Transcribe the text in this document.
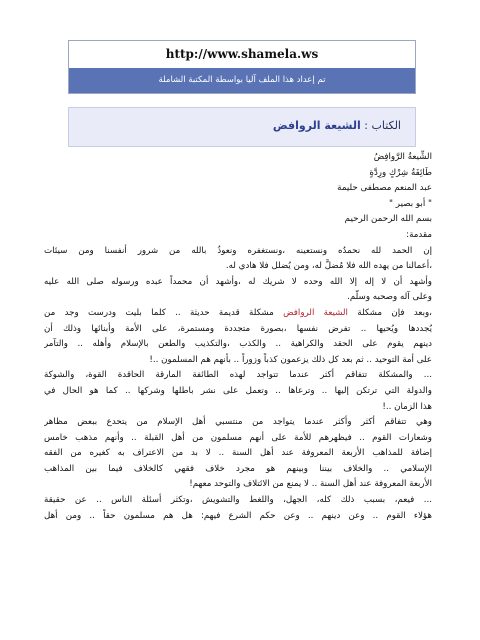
http://www.shamela.ws
تم إعداد هذا الملف آليا بواسطة المكتبة الشاملة
الكتاب : الشيعة الروافض
الشِّيعةُ الرَّوافِضُ
طَائِفَةُ شِرْكٍ ورِدَّةٍ
عبد المنعم مصطفى حليمة
" أبو بصير "
بسم الله الرحمن الرحيم
مقدمة:
إن الحمد لله نحمدُه ونستعينه ،ونستغفره ونعوذُ بالله من شرور أنفسنا ومن سيئات
،أعمالنا من يهده الله فلا مُضلَّ له، ومن يُضلل فلا هادي له.
وأشهد أن لا إله إلا الله وحده لا شريك له ،وأشهد أن محمداً عبده ورسوله صلى الله عليه
وعلى آله وصحبه وسلَّم.
،وبعد فإن مشكلة الشيعة الروافض مشكلة قديمة حديثة .. كلما بليت ودرست وجد من
يُجددها ويُحيها .. تفرض نفسها ،بصورة متجددة ومستمرة، على الأمة وأبنائها وذلك أن
دينهم يقوم على الحقد والكراهية .. والكذب ،والتكذيب والطعن بالإسلام وأهله .. والتآمر
على أمة التوحيد .. ثم بعد كل ذلك يزعمون كذباً وزوراً .. بأنهم هم المسلمون ..!
... والمشكلة تتفاقم أكثر عندما تتواجد لهذه الطائفة المارقة الحاقدة القوة، والشوكة
والدولة التي ترتكن إليها .. وترعاها .. وتعمل على نشر باطلها وشركها .. كما هو الحال في
هذا الزمان ..!
وهي تتفاقم أكثر وأكثر عندما يتواجد من منتسبي أهل الإسلام من يتحدع ببعض مظاهر
وشعارات القوم .. فيظهرهم للأمة على أنهم مسلمون من أهل القبلة .. وأنهم مذهب خامس
إضافة للمذاهب الأربعة المعروفة عند أهل السنة .. لا بد من الاعتراف به كغيره من الفقه
الإسلامي .. والخلاف بيننا وبينهم هو مجرد خلاف فقهي كالخلاف فيما بين المذاهب
الأربعة المعروفة عند أهل السنة .. لا يمنع من الائتلاف والتوحد معهم!
... فيعم، بسبب ذلك كله، الجهل، واللغط والتشويش ،وتكثر أسئلة الناس .. عن حقيقة
هؤلاء القوم .. وعن دينهم .. وعن حكم الشرع فيهم: هل هم مسلمون حقاً .. ومن أهل
